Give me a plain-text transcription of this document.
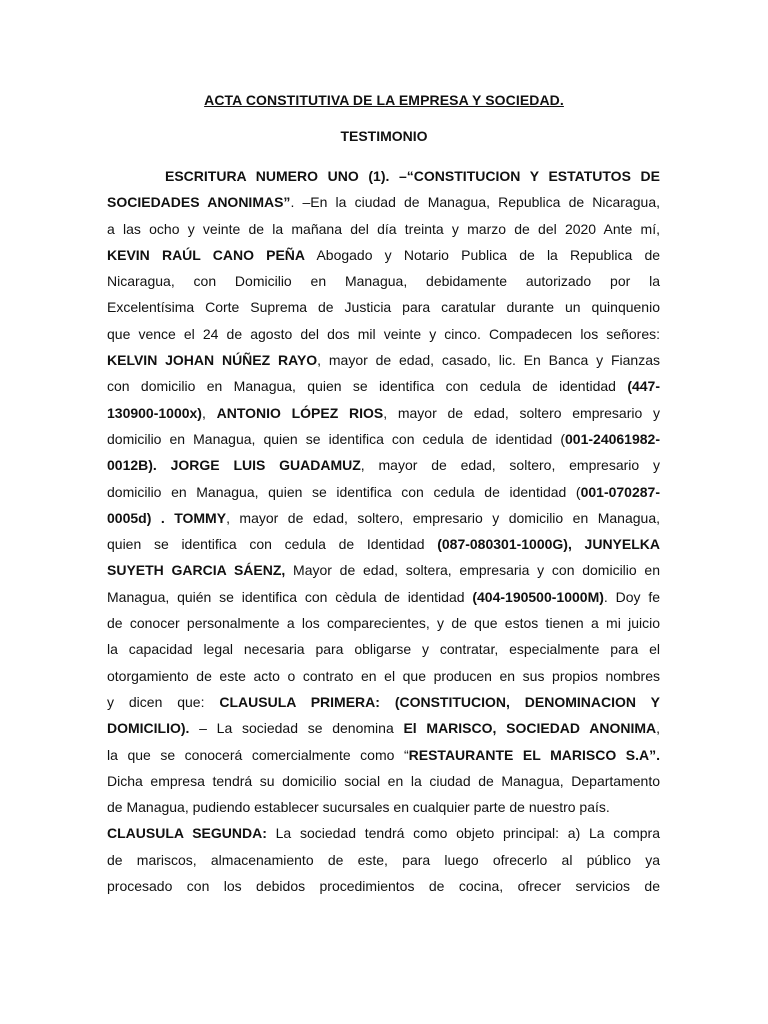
ACTA CONSTITUTIVA DE LA EMPRESA Y SOCIEDAD.
TESTIMONIO
ESCRITURA NUMERO UNO (1). –“CONSTITUCION Y ESTATUTOS DE
SOCIEDADES ANONIMAS”. –En la ciudad de Managua, Republica de Nicaragua,
a las ocho y veinte de la mañana del día treinta y marzo de del 2020 Ante mí,
KEVIN RAÚL CANO PEÑA Abogado y Notario Publica de la Republica de
Nicaragua, con Domicilio en Managua, debidamente autorizado por la
Excelentísima Corte Suprema de Justicia para caratular durante un quinquenio
que vence el 24 de agosto del dos mil veinte y cinco. Compadecen los señores:
KELVIN JOHAN NÚÑEZ RAYO, mayor de edad, casado, lic. En Banca y Fianzas
con domicilio en Managua, quien se identifica con cedula de identidad (447-
130900-1000x), ANTONIO LÓPEZ RIOS, mayor de edad, soltero empresario y
domicilio en Managua, quien se identifica con cedula de identidad (001-24061982-
0012B). JORGE LUIS GUADAMUZ, mayor de edad, soltero, empresario y
domicilio en Managua, quien se identifica con cedula de identidad (001-070287-
0005d) . TOMMY, mayor de edad, soltero, empresario y domicilio en Managua,
quien se identifica con cedula de Identidad (087-080301-1000G), JUNYELKA
SUYETH GARCIA SÁENZ, Mayor de edad, soltera, empresaria y con domicilio en
Managua, quién se identifica con cèdula de identidad (404-190500-1000M). Doy fe
de conocer personalmente a los comparecientes, y de que estos tienen a mi juicio
la capacidad legal necesaria para obligarse y contratar, especialmente para el
otorgamiento de este acto o contrato en el que producen en sus propios nombres
y dicen que: CLAUSULA PRIMERA: (CONSTITUCION, DENOMINACION Y
DOMICILIO). – La sociedad se denomina El MARISCO, SOCIEDAD ANONIMA,
la que se conocerá comercialmente como “RESTAURANTE EL MARISCO S.A”.
Dicha empresa tendrá su domicilio social en la ciudad de Managua, Departamento
de Managua, pudiendo establecer sucursales en cualquier parte de nuestro país.
CLAUSULA SEGUNDA: La sociedad tendrá como objeto principal: a) La compra
de mariscos, almacenamiento de este, para luego ofrecerlo al público ya
procesado con los debidos procedimientos de cocina, ofrecer servicios de
